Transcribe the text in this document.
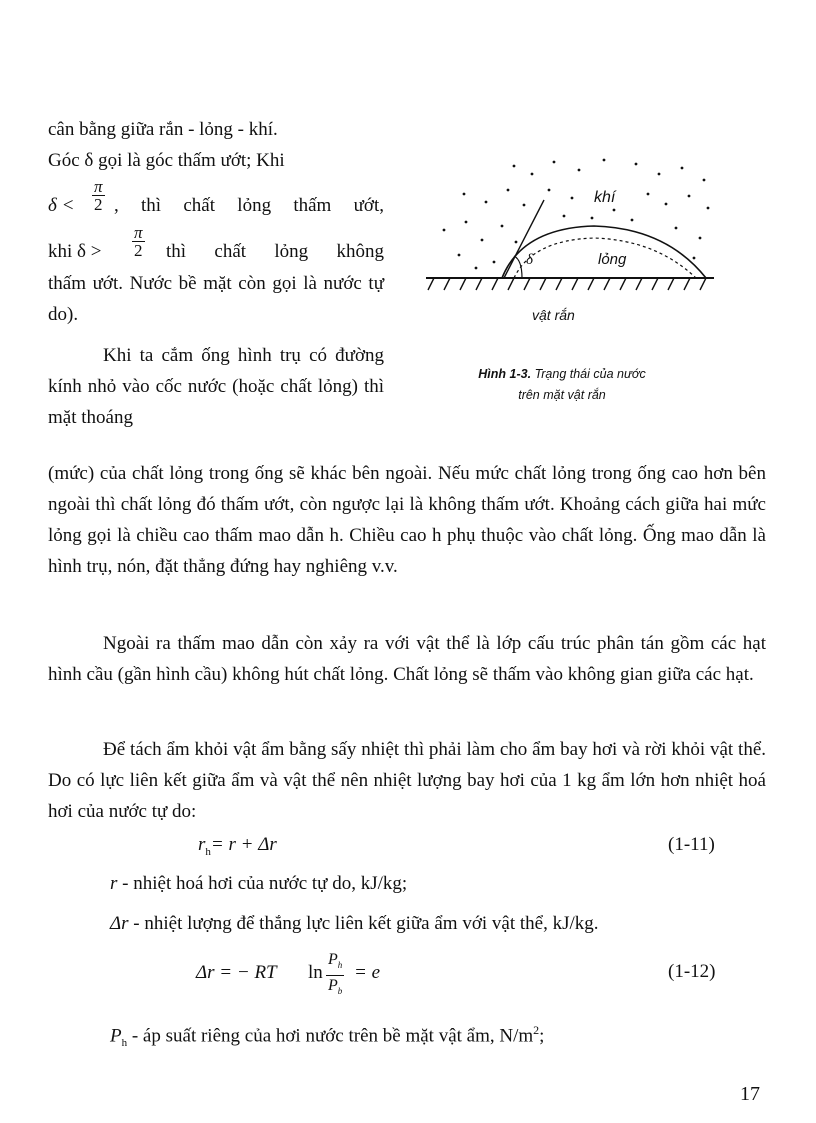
cân bằng giữa rắn - lỏng - khí.

Góc δ gọi là góc thấm ướt; Khi

$\delta < \frac{\pi}{2}$ , thì chất lỏng thấm ướt,
khi $\delta > \frac{\pi}{2}$ thì chất lỏng không

thấm ướt. Nước bề mặt còn gọi là nước tự do).

Khi ta cắm ống hình trụ có đường kính nhỏ vào cốc nước (hoặc chất lỏng) thì mặt thoáng

khí
lỏng
δ
vật rắn
Hình 1-3. Trạng thái của nước
trên mặt vật rắn

(mức) của chất lỏng trong ống sẽ khác bên ngoài. Nếu mức chất lỏng trong ống cao hơn bên ngoài thì chất lỏng đó thấm ướt, còn ngược lại là không thấm ướt. Khoảng cách giữa hai mức lỏng gọi là chiều cao thấm mao dẫn h. Chiều cao h phụ thuộc vào chất lỏng. Ống mao dẫn là hình trụ, nón, đặt thẳng đứng hay nghiêng v.v.

Ngoài ra thấm mao dẫn còn xảy ra với vật thể là lớp cấu trúc phân tán gồm các hạt hình cầu (gần hình cầu) không hút chất lỏng. Chất lỏng sẽ thấm vào không gian giữa các hạt.

Để tách ẩm khỏi vật ẩm bằng sấy nhiệt thì phải làm cho ẩm bay hơi và rời khỏi vật thể. Do có lực liên kết giữa ẩm và vật thể nên nhiệt lượng bay hơi của 1 kg ẩm lớn hơn nhiệt hoá hơi của nước tự do:

$r_h= r + \Delta r$	(1-11)
r - nhiệt hoá hơi của nước tự do, kJ/kg;
Δr - nhiệt lượng để thắng lực liên kết giữa ẩm với vật thể, kJ/kg.
Δr = − RT $\ln \frac{P_h}{P_b} = e$	(1-12)
$P_h$ - áp suất riêng của hơi nước trên bề mặt vật ẩm, $N/m^2$;
17
